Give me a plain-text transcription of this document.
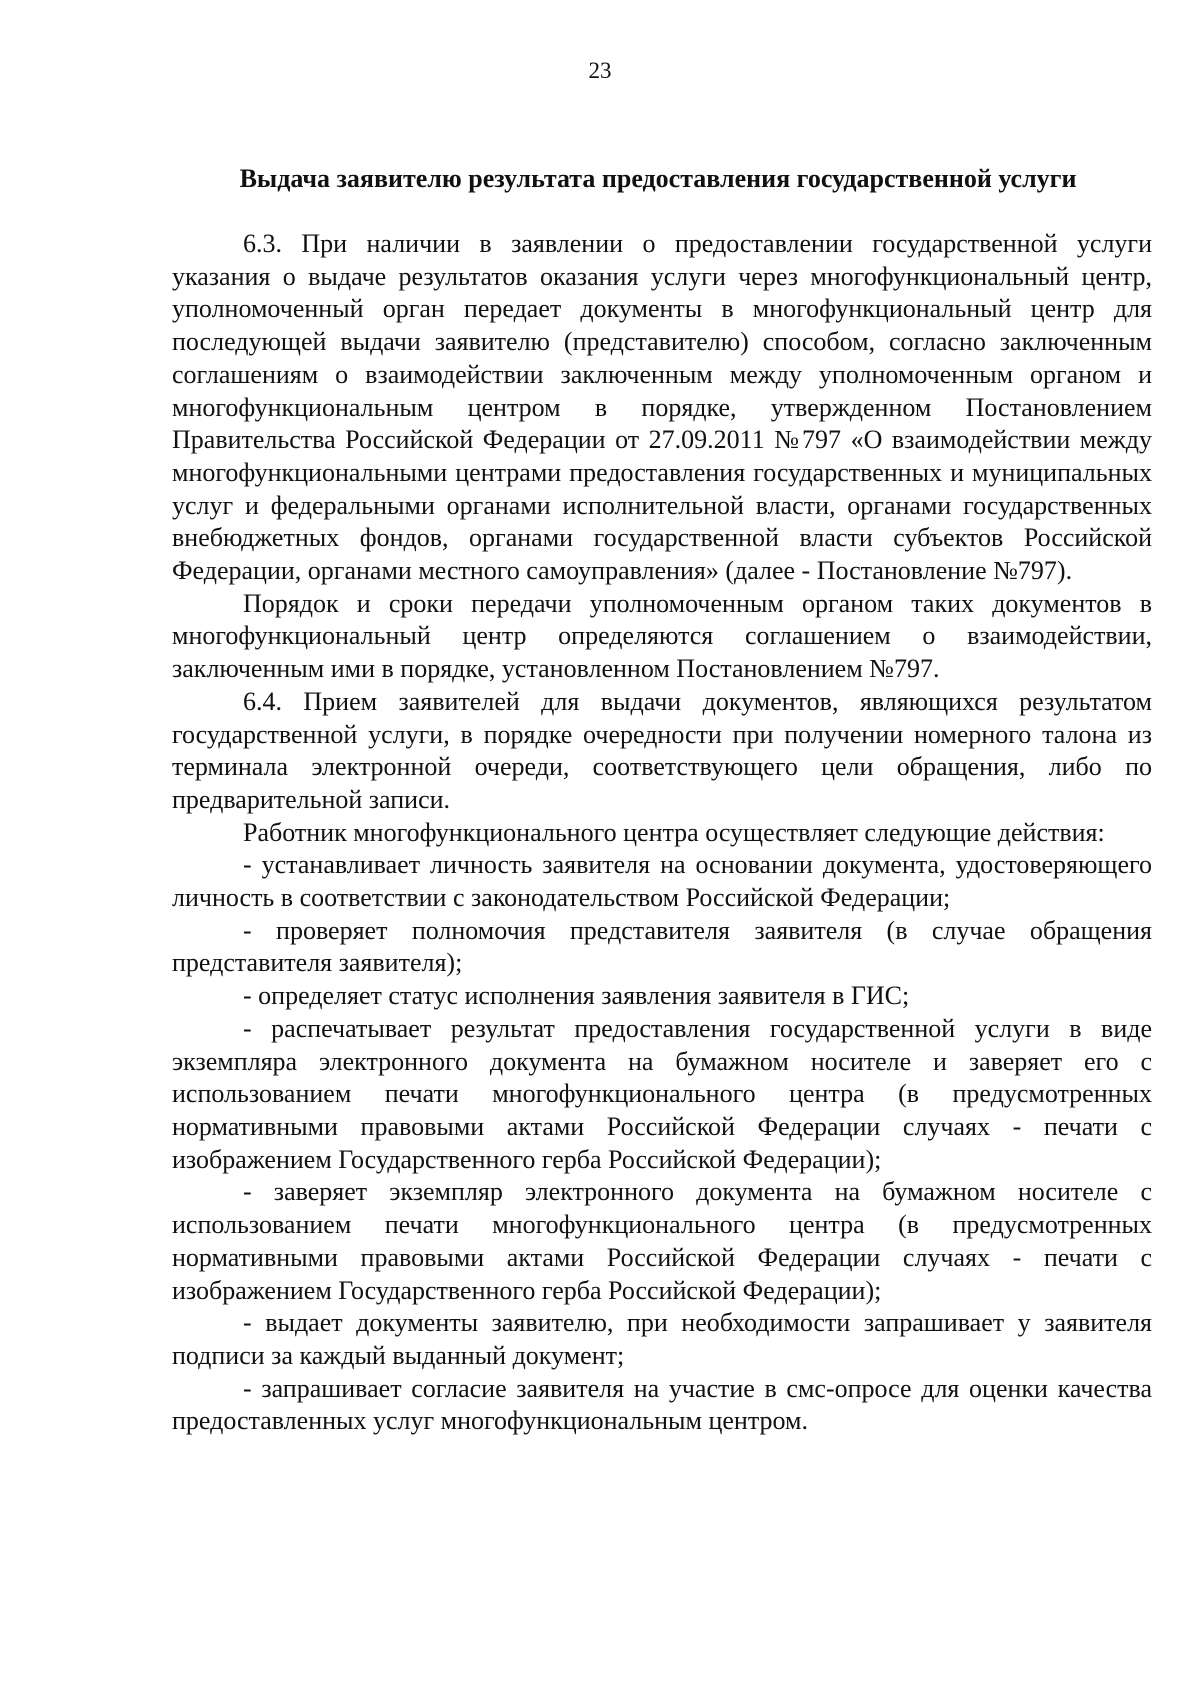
23
Выдача заявителю результата предоставления государственной услуги

6.3. При наличии в заявлении о предоставлении государственной услуги указания о выдаче результатов оказания услуги через многофункциональный центр, уполномоченный орган передает документы в многофункциональный центр для последующей выдачи заявителю (представителю) способом, согласно заключенным соглашениям о взаимодействии заключенным между уполномоченным органом и многофункциональным центром в порядке, утвержденном Постановлением Правительства Российской Федерации от 27.09.2011 №797 «О взаимодействии между многофункциональными центрами предоставления государственных и муниципальных услуг и федеральными органами исполнительной власти, органами государственных внебюджетных фондов, органами государственной власти субъектов Российской Федерации, органами местного самоуправления» (далее - Постановление №797).

Порядок и сроки передачи уполномоченным органом таких документов в многофункциональный центр определяются соглашением о взаимодействии, заключенным ими в порядке, установленном Постановлением №797.

6.4. Прием заявителей для выдачи документов, являющихся результатом государственной услуги, в порядке очередности при получении номерного талона из терминала электронной очереди, соответствующего цели обращения, либо по предварительной записи.

Работник многофункционального центра осуществляет следующие действия:

- устанавливает личность заявителя на основании документа, удостоверяющего личность в соответствии с законодательством Российской Федерации;

- проверяет полномочия представителя заявителя (в случае обращения представителя заявителя);

- определяет статус исполнения заявления заявителя в ГИС;

- распечатывает результат предоставления государственной услуги в виде экземпляра электронного документа на бумажном носителе и заверяет его с использованием печати многофункционального центра (в предусмотренных нормативными правовыми актами Российской Федерации случаях - печати с изображением Государственного герба Российской Федерации);

- заверяет экземпляр электронного документа на бумажном носителе с использованием печати многофункционального центра (в предусмотренных нормативными правовыми актами Российской Федерации случаях - печати с изображением Государственного герба Российской Федерации);

- выдает документы заявителю, при необходимости запрашивает у заявителя подписи за каждый выданный документ;

- запрашивает согласие заявителя на участие в смс-опросе для оценки качества предоставленных услуг многофункциональным центром.
